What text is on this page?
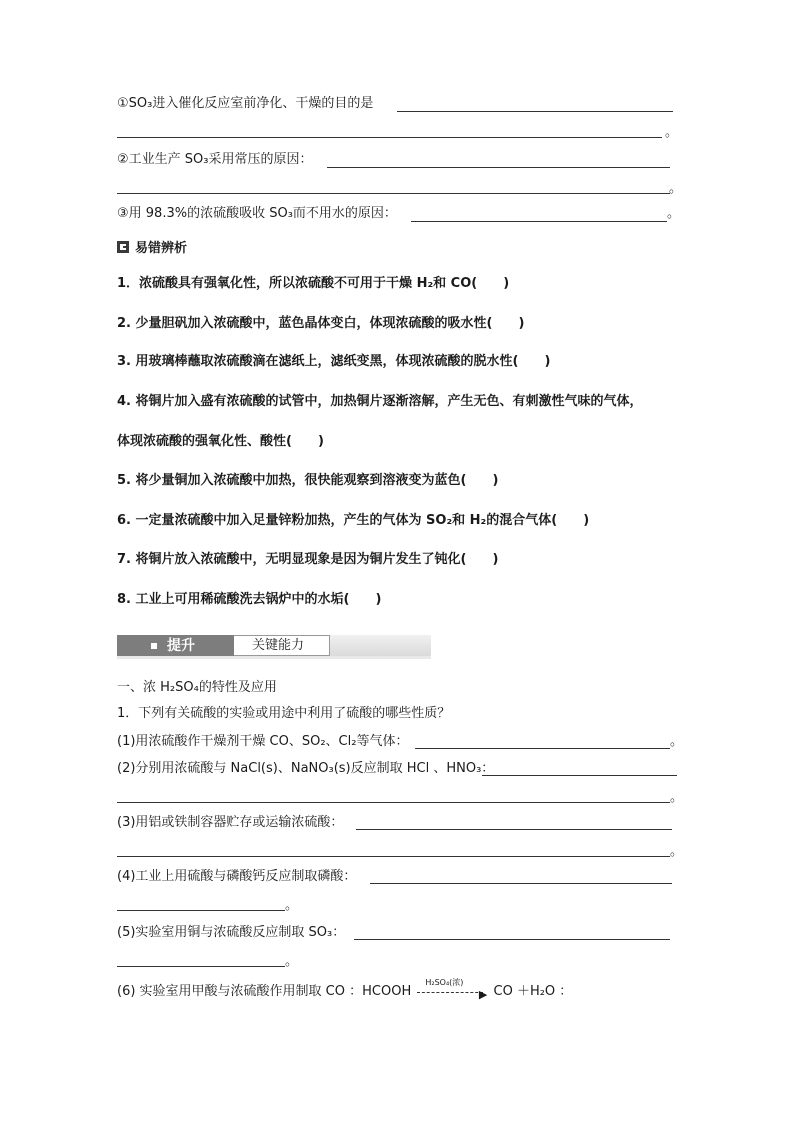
①SO₃进入催化反应室前净化、干燥的目的是
。
②工业生产 SO₃采用常压的原因：
。
③用 98.3%的浓硫酸吸收 SO₃而不用水的原因：	。
易错辨析
1．浓硫酸具有强氧化性，所以浓硫酸不可用于干燥 H₂和 CO( )
2. 少量胆矾加入浓硫酸中，蓝色晶体变白，体现浓硫酸的吸水性( )
3. 用玻璃棒蘸取浓硫酸滴在滤纸上，滤纸变黑，体现浓硫酸的脱水性( )
4. 将铜片加入盛有浓硫酸的试管中，加热铜片逐渐溶解，产生无色、有刺激性气味的气体，
体现浓硫酸的强氧化性、酸性( )
5. 将少量铜加入浓硫酸中加热，很快能观察到溶液变为蓝色( )
6. 一定量浓硫酸中加入足量锌粉加热，产生的气体为 SO₂和 H₂的混合气体( )
7. 将铜片放入浓硫酸中，无明显现象是因为铜片发生了钝化( )
8. 工业上可用稀硫酸洗去锅炉中的水垢( )
提升	关键能力
一、浓 H₂SO₄的特性及应用
1．下列有关硫酸的实验或用途中利用了硫酸的哪些性质？
(1)用浓硫酸作干燥剂干燥 CO、SO₂、Cl₂等气体：	。
(2)分别用浓硫酸与 NaCl(s)、NaNO₃(s)反应制取 HCl 、HNO₃：
。
(3)用铝或铁制容器贮存或运输浓硫酸：
。
(4)工业上用硫酸与磷酸钙反应制取磷酸：
。
(5)实验室用铜与浓硫酸反应制取 SO₃：
。
(6) 实验室用甲酸与浓硫酸作用制取 CO ：HCOOH
H₂SO₄(浓)
▶ CO ＋H₂O ：
